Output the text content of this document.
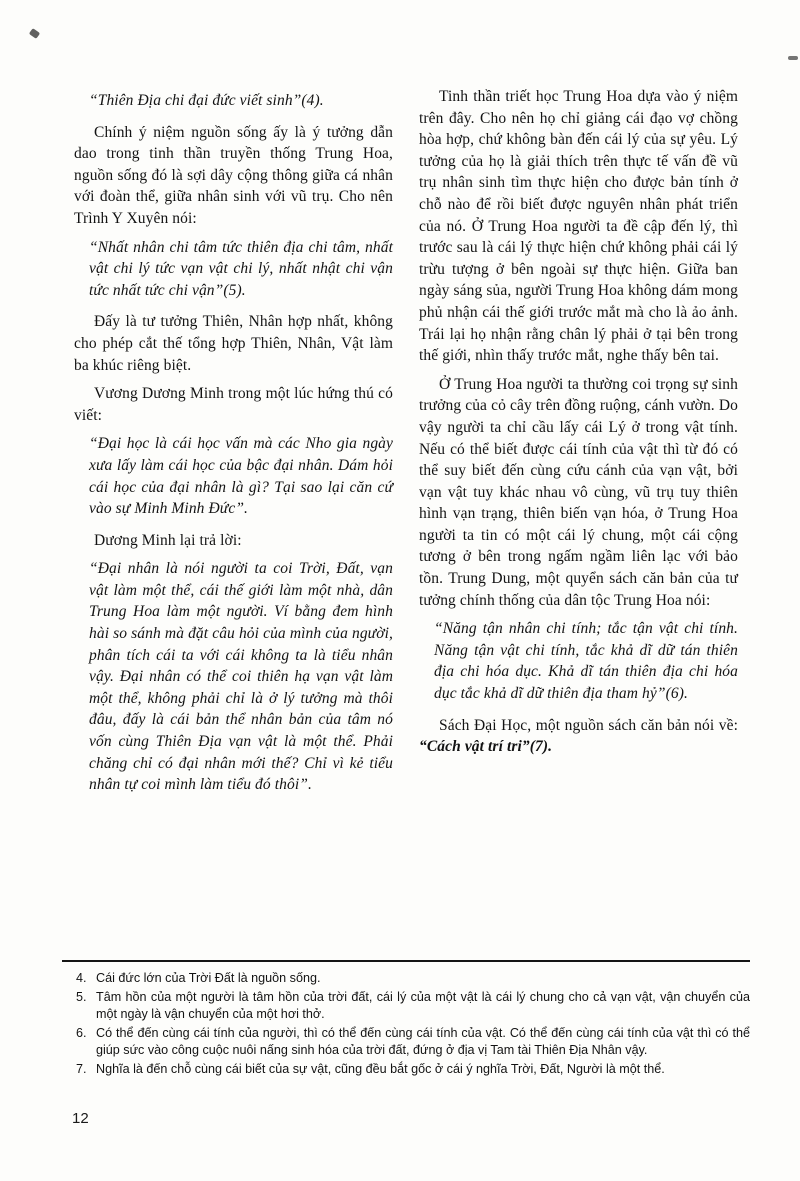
“Thiên Địa chi đại đức viết sinh”(4).

Chính ý niệm nguồn sống ấy là ý tưởng dẫn dao trong tinh thần truyền thống Trung Hoa, nguồn sống đó là sợi dây cộng thông giữa cá nhân với đoàn thể, giữa nhân sinh với vũ trụ. Cho nên Trình Y Xuyên nói:

“Nhất nhân chi tâm tức thiên địa chi tâm, nhất vật chi lý tức vạn vật chi lý, nhất nhật chi vận tức nhất tức chi vận”(5).

Đấy là tư tưởng Thiên, Nhân hợp nhất, không cho phép cắt thế tổng hợp Thiên, Nhân, Vật làm ba khúc riêng biệt.

Vương Dương Minh trong một lúc hứng thú có viết:

“Đại học là cái học vấn mà các Nho gia ngày xưa lấy làm cái học của bậc đại nhân. Dám hỏi cái học của đại nhân là gì? Tại sao lại căn cứ vào sự Minh Minh Đức”.

Dương Minh lại trả lời:

“Đại nhân là nói người ta coi Trời, Đất, vạn vật làm một thể, cái thế giới làm một nhà, dân Trung Hoa làm một người. Ví bằng đem hình hài so sánh mà đặt câu hỏi của mình của người, phân tích cái ta với cái không ta là tiểu nhân vậy. Đại nhân có thể coi thiên hạ vạn vật làm một thể, không phải chỉ là ở lý tưởng mà thôi đâu, đấy là cái bản thể nhân bản của tâm nó vốn cùng Thiên Địa vạn vật là một thể. Phải chăng chỉ có đại nhân mới thế? Chỉ vì kẻ tiểu nhân tự coi mình làm tiểu đó thôi”.

Tinh thần triết học Trung Hoa dựa vào ý niệm trên đây. Cho nên họ chỉ giảng cái đạo vợ chồng hòa hợp, chứ không bàn đến cái lý của sự yêu. Lý tưởng của họ là giải thích trên thực tế vấn đề vũ trụ nhân sinh tìm thực hiện cho được bản tính ở chỗ nào để rồi biết được nguyên nhân phát triển của nó. Ở Trung Hoa người ta đề cập đến lý, thì trước sau là cái lý thực hiện chứ không phải cái lý trừu tượng ở bên ngoài sự thực hiện. Giữa ban ngày sáng sủa, người Trung Hoa không dám mong phủ nhận cái thế giới trước mắt mà cho là ảo ảnh. Trái lại họ nhận rằng chân lý phải ở tại bên trong thế giới, nhìn thấy trước mắt, nghe thấy bên tai.

Ở Trung Hoa người ta thường coi trọng sự sinh trưởng của cỏ cây trên đồng ruộng, cánh vườn. Do vậy người ta chỉ cầu lấy cái Lý ở trong vật tính. Nếu có thể biết được cái tính của vật thì từ đó có thể suy biết đến cùng cứu cánh của vạn vật, bởi vạn vật tuy khác nhau vô cùng, vũ trụ tuy thiên hình vạn trạng, thiên biến vạn hóa, ở Trung Hoa người ta tin có một cái lý chung, một cái cộng tương ở bên trong ngấm ngầm liên lạc với bảo tồn. Trung Dung, một quyển sách căn bản của tư tưởng chính thống của dân tộc Trung Hoa nói:

“Năng tận nhân chi tính; tắc tận vật chi tính. Năng tận vật chi tính, tắc khả dĩ dữ tán thiên địa chi hóa dục. Khả dĩ tán thiên địa chi hóa dục tắc khả dĩ dữ thiên địa tham hỷ”(6).

Sách Đại Học, một nguồn sách căn bản nói về: “Cách vật trí tri”(7).

4. Cái đức lớn của Trời Đất là nguồn sống.
5. Tâm hồn của một người là tâm hồn của trời đất, cái lý của một vật là cái lý chung cho cả vạn vật, vận chuyển của một ngày là vận chuyển của một hơi thở.
6. Có thể đến cùng cái tính của người, thì có thể đến cùng cái tính của vật. Có thể đến cùng cái tính của vật thì có thể giúp sức vào công cuộc nuôi nấng sinh hóa của trời đất, đứng ở địa vị Tam tài Thiên Địa Nhân vậy.
7. Nghĩa là đến chỗ cùng cái biết của sự vật, cũng đều bắt gốc ở cái ý nghĩa Trời, Đất, Người là một thể.
12
